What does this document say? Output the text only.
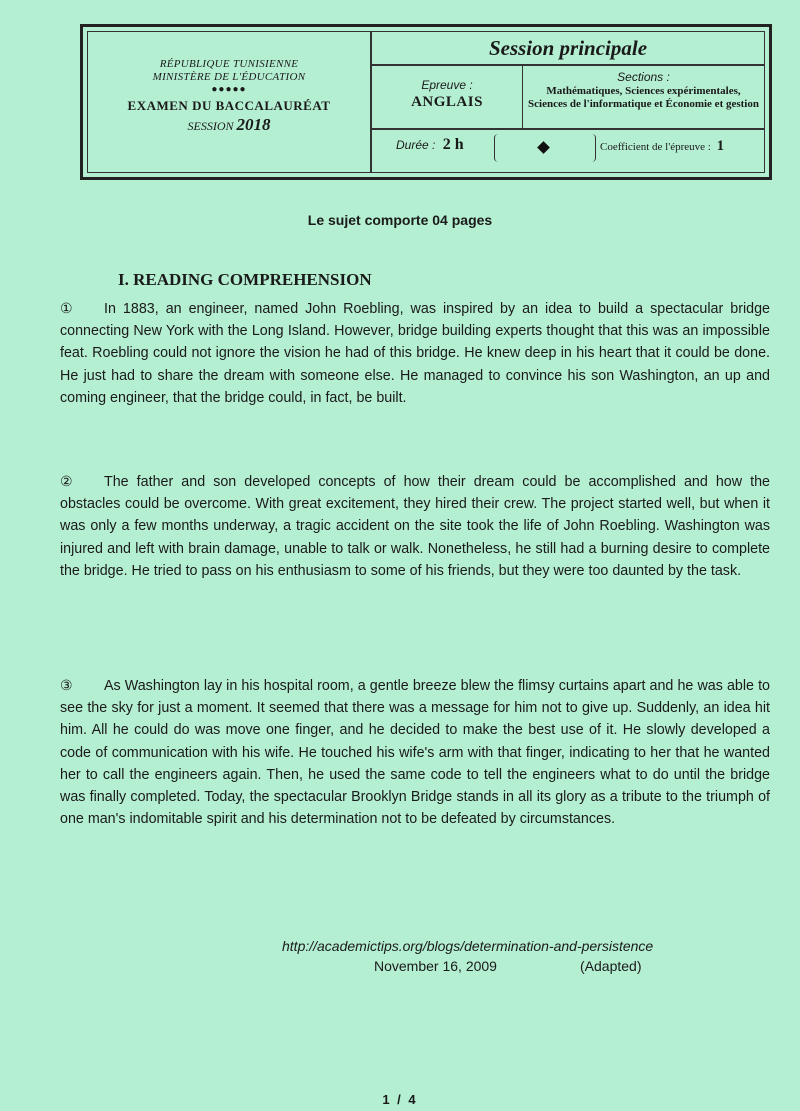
RÉPUBLIQUE TUNISIENNE
MINISTÈRE DE L'ÉDUCATION
●●●●●
EXAMEN DU BACCALAURÉAT
SESSION 2018
Session principale
Epreuve :
ANGLAIS
Sections :
Mathématiques, Sciences expérimentales, Sciences de l'informatique et Économie et gestion
Durée : 2 h	Coefficient de l'épreuve : 1
Le sujet comporte 04 pages
I. READING COMPREHENSION
① In 1883, an engineer, named John Roebling, was inspired by an idea to build a spectacular bridge connecting New York with the Long Island. However, bridge building experts thought that this was an impossible feat. Roebling could not ignore the vision he had of this bridge. He knew deep in his heart that it could be done. He just had to share the dream with someone else. He managed to convince his son Washington, an up and coming engineer, that the bridge could, in fact, be built.
② The father and son developed concepts of how their dream could be accomplished and how the obstacles could be overcome. With great excitement, they hired their crew. The project started well, but when it was only a few months underway, a tragic accident on the site took the life of John Roebling. Washington was injured and left with brain damage, unable to talk or walk. Nonetheless, he still had a burning desire to complete the bridge. He tried to pass on his enthusiasm to some of his friends, but they were too daunted by the task.
③ As Washington lay in his hospital room, a gentle breeze blew the flimsy curtains apart and he was able to see the sky for just a moment. It seemed that there was a message for him not to give up. Suddenly, an idea hit him. All he could do was move one finger, and he decided to make the best use of it. He slowly developed a code of communication with his wife. He touched his wife's arm with that finger, indicating to her that he wanted her to call the engineers again. Then, he used the same code to tell the engineers what to do until the bridge was finally completed. Today, the spectacular Brooklyn Bridge stands in all its glory as a tribute to the triumph of one man's indomitable spirit and his determination not to be defeated by circumstances.
http://academictips.org/blogs/determination-and-persistence
November 16, 2009	(Adapted)
1 / 4
